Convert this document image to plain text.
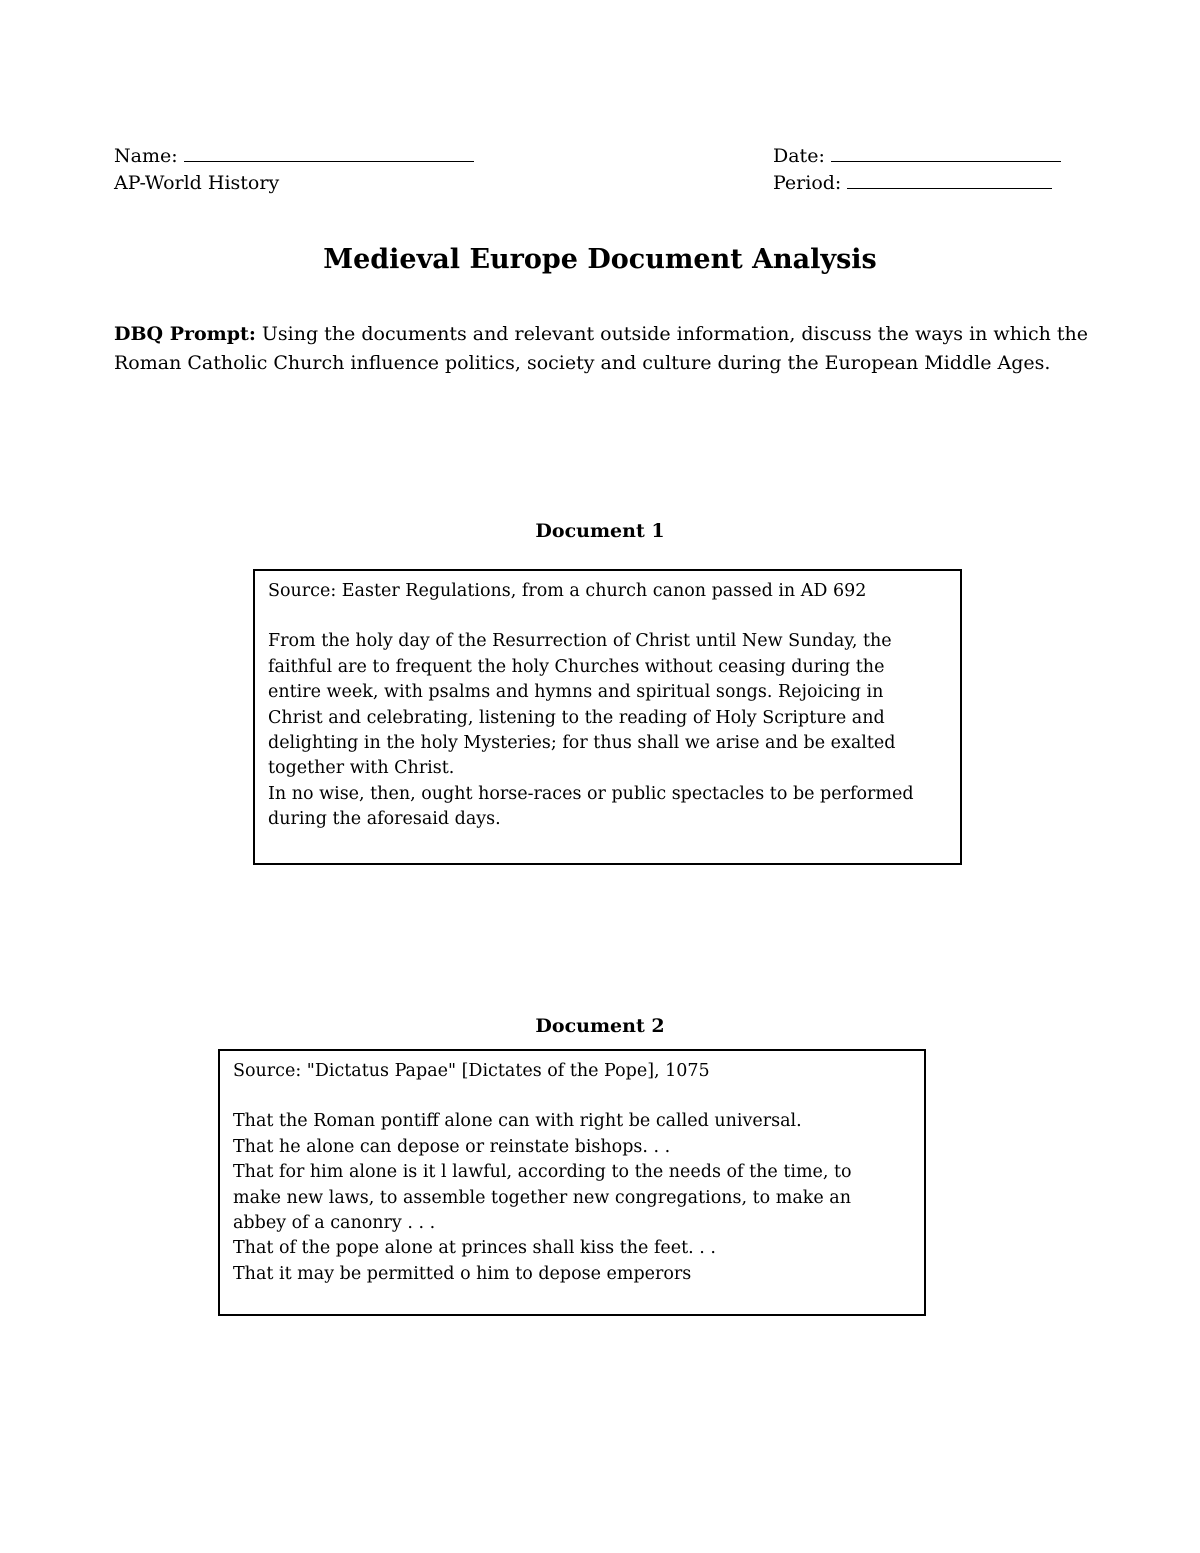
Name:
AP-World History
Date:
Period:
Medieval Europe Document Analysis
DBQ Prompt: Using the documents and relevant outside information, discuss the ways in which the Roman Catholic Church influence politics, society and culture during the European Middle Ages.
Document 1
Source: Easter Regulations, from a church canon passed in AD 692
From the holy day of the Resurrection of Christ until New Sunday, the
faithful are to frequent the holy Churches without ceasing during the
entire week, with psalms and hymns and spiritual songs. Rejoicing in
Christ and celebrating, listening to the reading of Holy Scripture and
delighting in the holy Mysteries; for thus shall we arise and be exalted
together with Christ.
In no wise, then, ought horse-races or public spectacles to be performed
during the aforesaid days.
Document 2
Source: "Dictatus Papae" [Dictates of the Pope], 1075
That the Roman pontiff alone can with right be called universal.
That he alone can depose or reinstate bishops. . .
That for him alone is it l lawful, according to the needs of the time, to
make new laws, to assemble together new congregations, to make an
abbey of a canonry . . .
That of the pope alone at princes shall kiss the feet. . .
That it may be permitted o him to depose emperors
